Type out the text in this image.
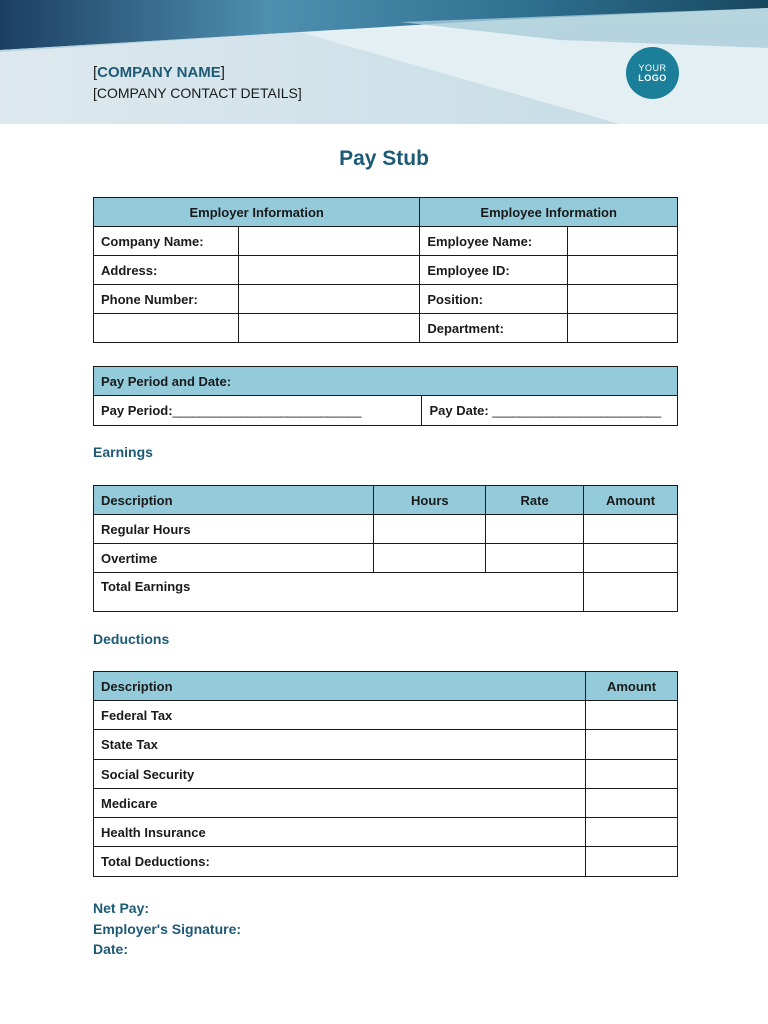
[COMPANY NAME]
[COMPANY CONTACT DETAILS]
YOUR
LOGO
Pay Stub
Employer Information		Employee Information	
Company Name:		Employee Name:	
Address:		Employee ID:	
Phone Number:		Position:	
		Department:	
Pay Period and Date:
Pay Period:____________________________	Pay Date: _________________________
Earnings
Description	Hours	Rate	Amount
Regular Hours			
Overtime			
Total Earnings			
Deductions
Description	Amount
Federal Tax	
State Tax	
Social Security	
Medicare	
Health Insurance	
Total Deductions:	
Net Pay:
Employer's Signature:
Date:
